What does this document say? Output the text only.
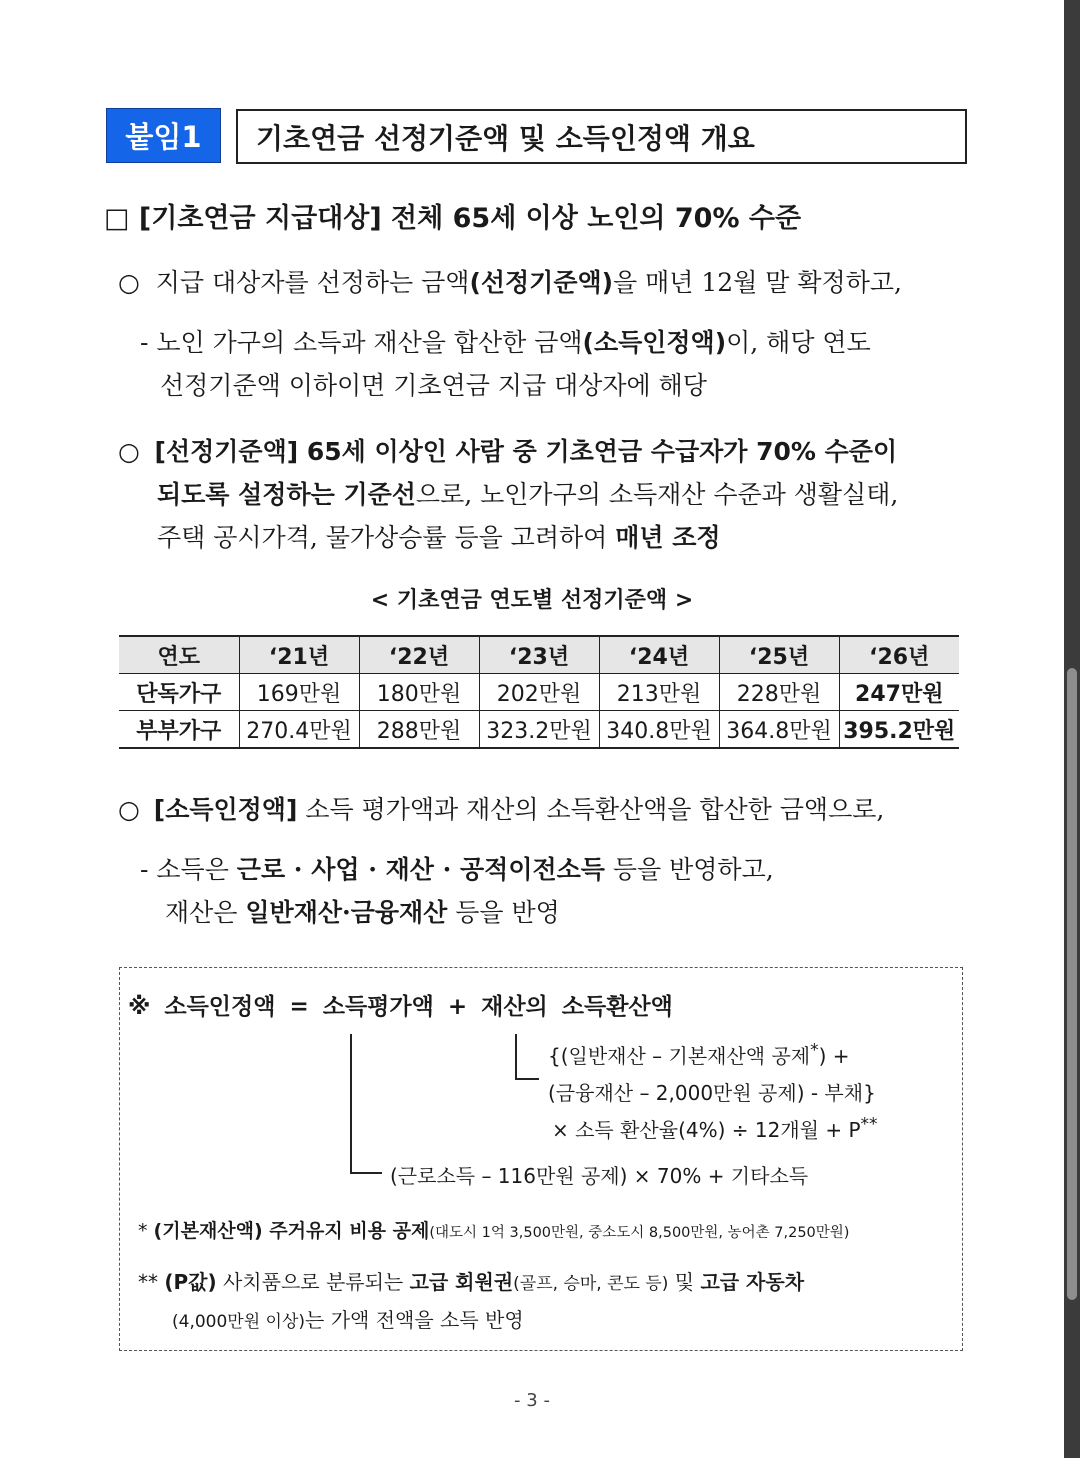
붙임1	기초연금 선정기준액 및 소득인정액 개요
□ [기초연금 지급대상] 전체 65세 이상 노인의 70% 수준
○ 지급 대상자를 선정하는 금액(선정기준액)을 매년 12월 말 확정하고,
- 노인 가구의 소득과 재산을 합산한 금액(소득인정액)이, 해당 연도
선정기준액 이하이면 기초연금 지급 대상자에 해당
○ [선정기준액] 65세 이상인 사람 중 기초연금 수급자가 70% 수준이
되도록 설정하는 기준선으로, 노인가구의 소득재산 수준과 생활실태,
주택 공시가격, 물가상승률 등을 고려하여 매년 조정
< 기초연금 연도별 선정기준액 >
연도	‘21년	‘22년	‘23년	‘24년	‘25년	‘26년
단독가구	169만원	180만원	202만원	213만원	228만원	247만원
부부가구	270.4만원	288만원	323.2만원	340.8만원	364.8만원	395.2만원
○ [소득인정액] 소득 평가액과 재산의 소득환산액을 합산한 금액으로,
- 소득은 근로 · 사업 · 재산 · 공적이전소득 등을 반영하고,
재산은 일반재산·금융재산 등을 반영
※ 소득인정액 = 소득평가액 + 재산의 소득환산액
{(일반재산 – 기본재산액 공제*) +
(금융재산 – 2,000만원 공제) - 부채}
× 소득 환산율(4%) ÷ 12개월 + P**
(근로소득 – 116만원 공제) × 70% + 기타소득
* (기본재산액) 주거유지 비용 공제(대도시 1억 3,500만원, 중소도시 8,500만원, 농어촌 7,250만원)
** (P값) 사치품으로 분류되는 고급 회원권(골프, 승마, 콘도 등) 및 고급 자동차
(4,000만원 이상)는 가액 전액을 소득 반영
- 3 -
